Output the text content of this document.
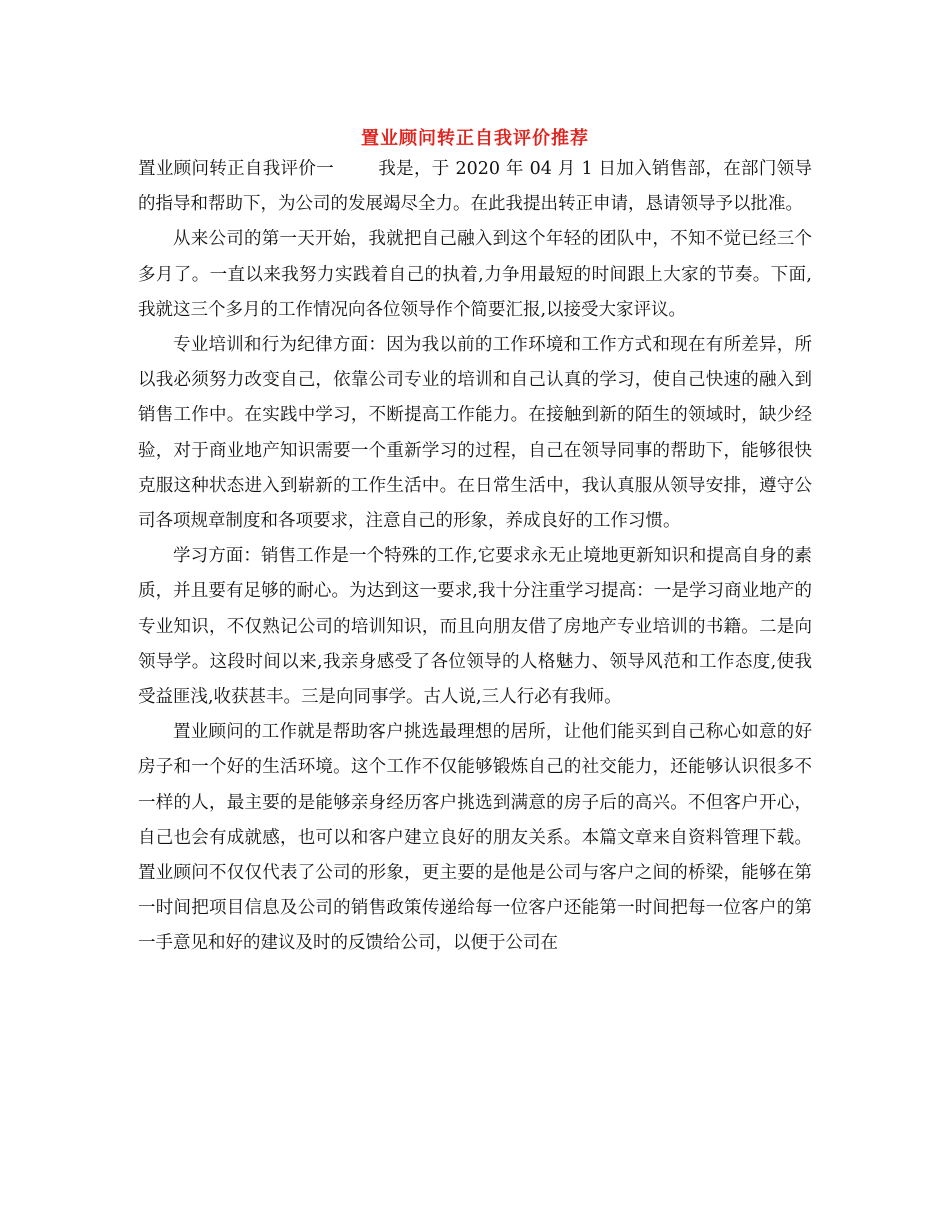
置业顾问转正自我评价推荐

置业顾问转正自我评价一	我是，于 2020 年 04 月 1 日加入销售部，在部门领导的指导和帮助下，为公司的发展竭尽全力。在此我提出转正申请，恳请领导予以批准。

从来公司的第一天开始，我就把自己融入到这个年轻的团队中，不知不觉已经三个多月了。一直以来我努力实践着自己的执着,力争用最短的时间跟上大家的节奏。下面,我就这三个多月的工作情况向各位领导作个简要汇报,以接受大家评议。

专业培训和行为纪律方面：因为我以前的工作环境和工作方式和现在有所差异，所以我必须努力改变自己，依靠公司专业的培训和自己认真的学习，使自己快速的融入到销售工作中。在实践中学习，不断提高工作能力。在接触到新的陌生的领域时，缺少经验，对于商业地产知识需要一个重新学习的过程，自己在领导同事的帮助下，能够很快克服这种状态进入到崭新的工作生活中。在日常生活中，我认真服从领导安排，遵守公司各项规章制度和各项要求，注意自己的形象，养成良好的工作习惯。

学习方面：销售工作是一个特殊的工作,它要求永无止境地更新知识和提高自身的素质，并且要有足够的耐心。为达到这一要求,我十分注重学习提高：一是学习商业地产的专业知识，不仅熟记公司的培训知识，而且向朋友借了房地产专业培训的书籍。二是向领导学。这段时间以来,我亲身感受了各位领导的人格魅力、领导风范和工作态度,使我受益匪浅,收获甚丰。三是向同事学。古人说,三人行必有我师。

置业顾问的工作就是帮助客户挑选最理想的居所，让他们能买到自己称心如意的好房子和一个好的生活环境。这个工作不仅能够锻炼自己的社交能力，还能够认识很多不一样的人，最主要的是能够亲身经历客户挑选到满意的房子后的高兴。不但客户开心，自己也会有成就感，也可以和客户建立良好的朋友关系。本篇文章来自资料管理下载。置业顾问不仅仅代表了公司的形象，更主要的是他是公司与客户之间的桥梁，能够在第一时间把项目信息及公司的销售政策传递给每一位客户还能第一时间把每一位客户的第一手意见和好的建议及时的反馈给公司，以便于公司在
